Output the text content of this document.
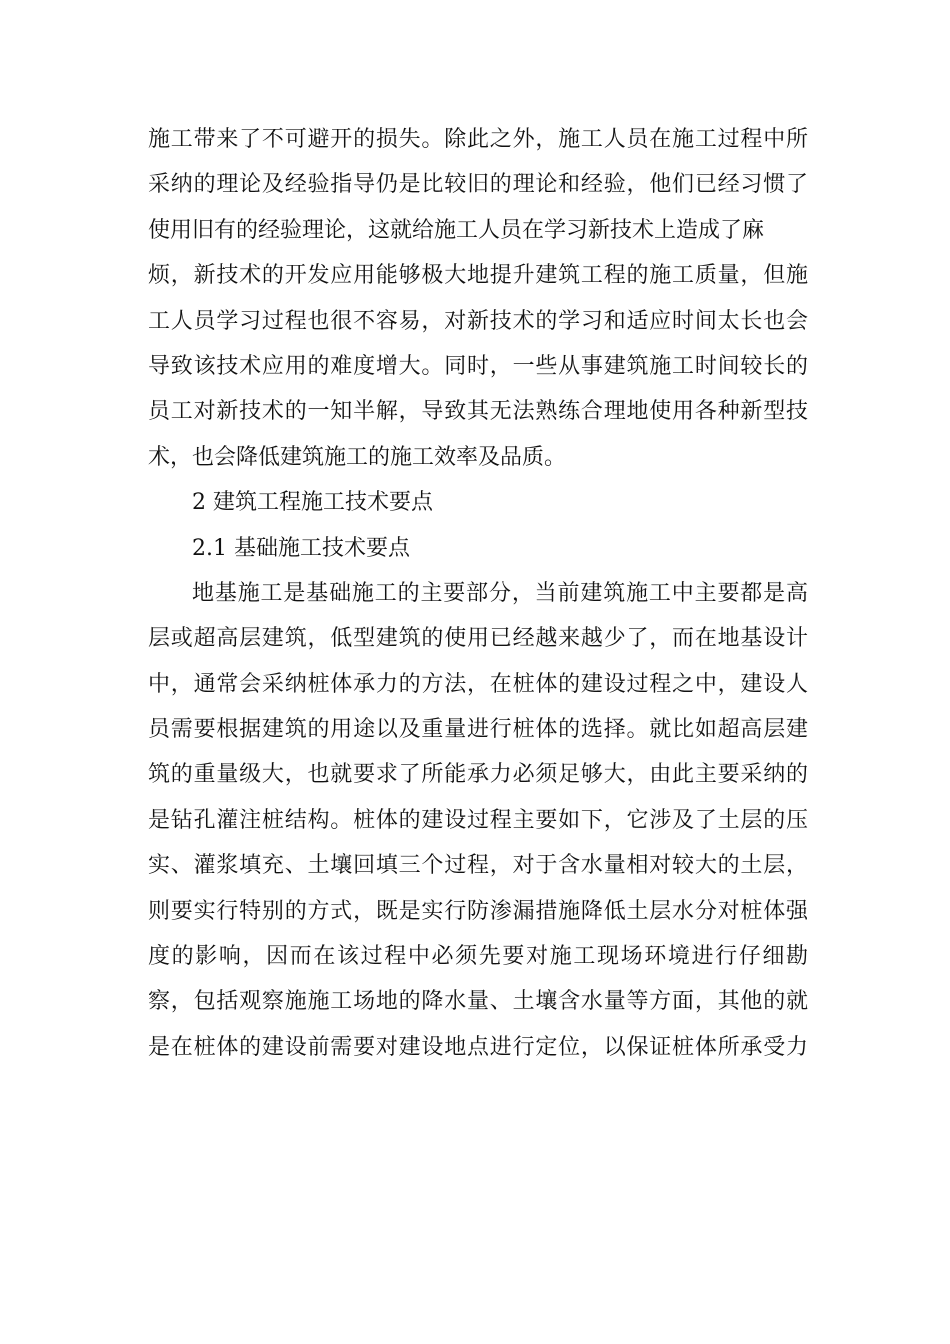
施工带来了不可避开的损失。除此之外，施工人员在施工过程中所
采纳的理论及经验指导仍是比较旧的理论和经验，他们已经习惯了
使用旧有的经验理论，这就给施工人员在学习新技术上造成了麻
烦，新技术的开发应用能够极大地提升建筑工程的施工质量，但施
工人员学习过程也很不容易，对新技术的学习和适应时间太长也会
导致该技术应用的难度增大。同时，一些从事建筑施工时间较长的
员工对新技术的一知半解，导致其无法熟练合理地使用各种新型技
术，也会降低建筑施工的施工效率及品质。
2 建筑工程施工技术要点
2.1 基础施工技术要点
地基施工是基础施工的主要部分，当前建筑施工中主要都是高
层或超高层建筑，低型建筑的使用已经越来越少了，而在地基设计
中，通常会采纳桩体承力的方法，在桩体的建设过程之中，建设人
员需要根据建筑的用途以及重量进行桩体的选择。就比如超高层建
筑的重量级大，也就要求了所能承力必须足够大，由此主要采纳的
是钻孔灌注桩结构。桩体的建设过程主要如下，它涉及了土层的压
实、灌浆填充、土壤回填三个过程，对于含水量相对较大的土层，
则要实行特别的方式，既是实行防渗漏措施降低土层水分对桩体强
度的影响，因而在该过程中必须先要对施工现场环境进行仔细勘
察，包括观察施施工场地的降水量、土壤含水量等方面，其他的就
是在桩体的建设前需要对建设地点进行定位，以保证桩体所承受力
